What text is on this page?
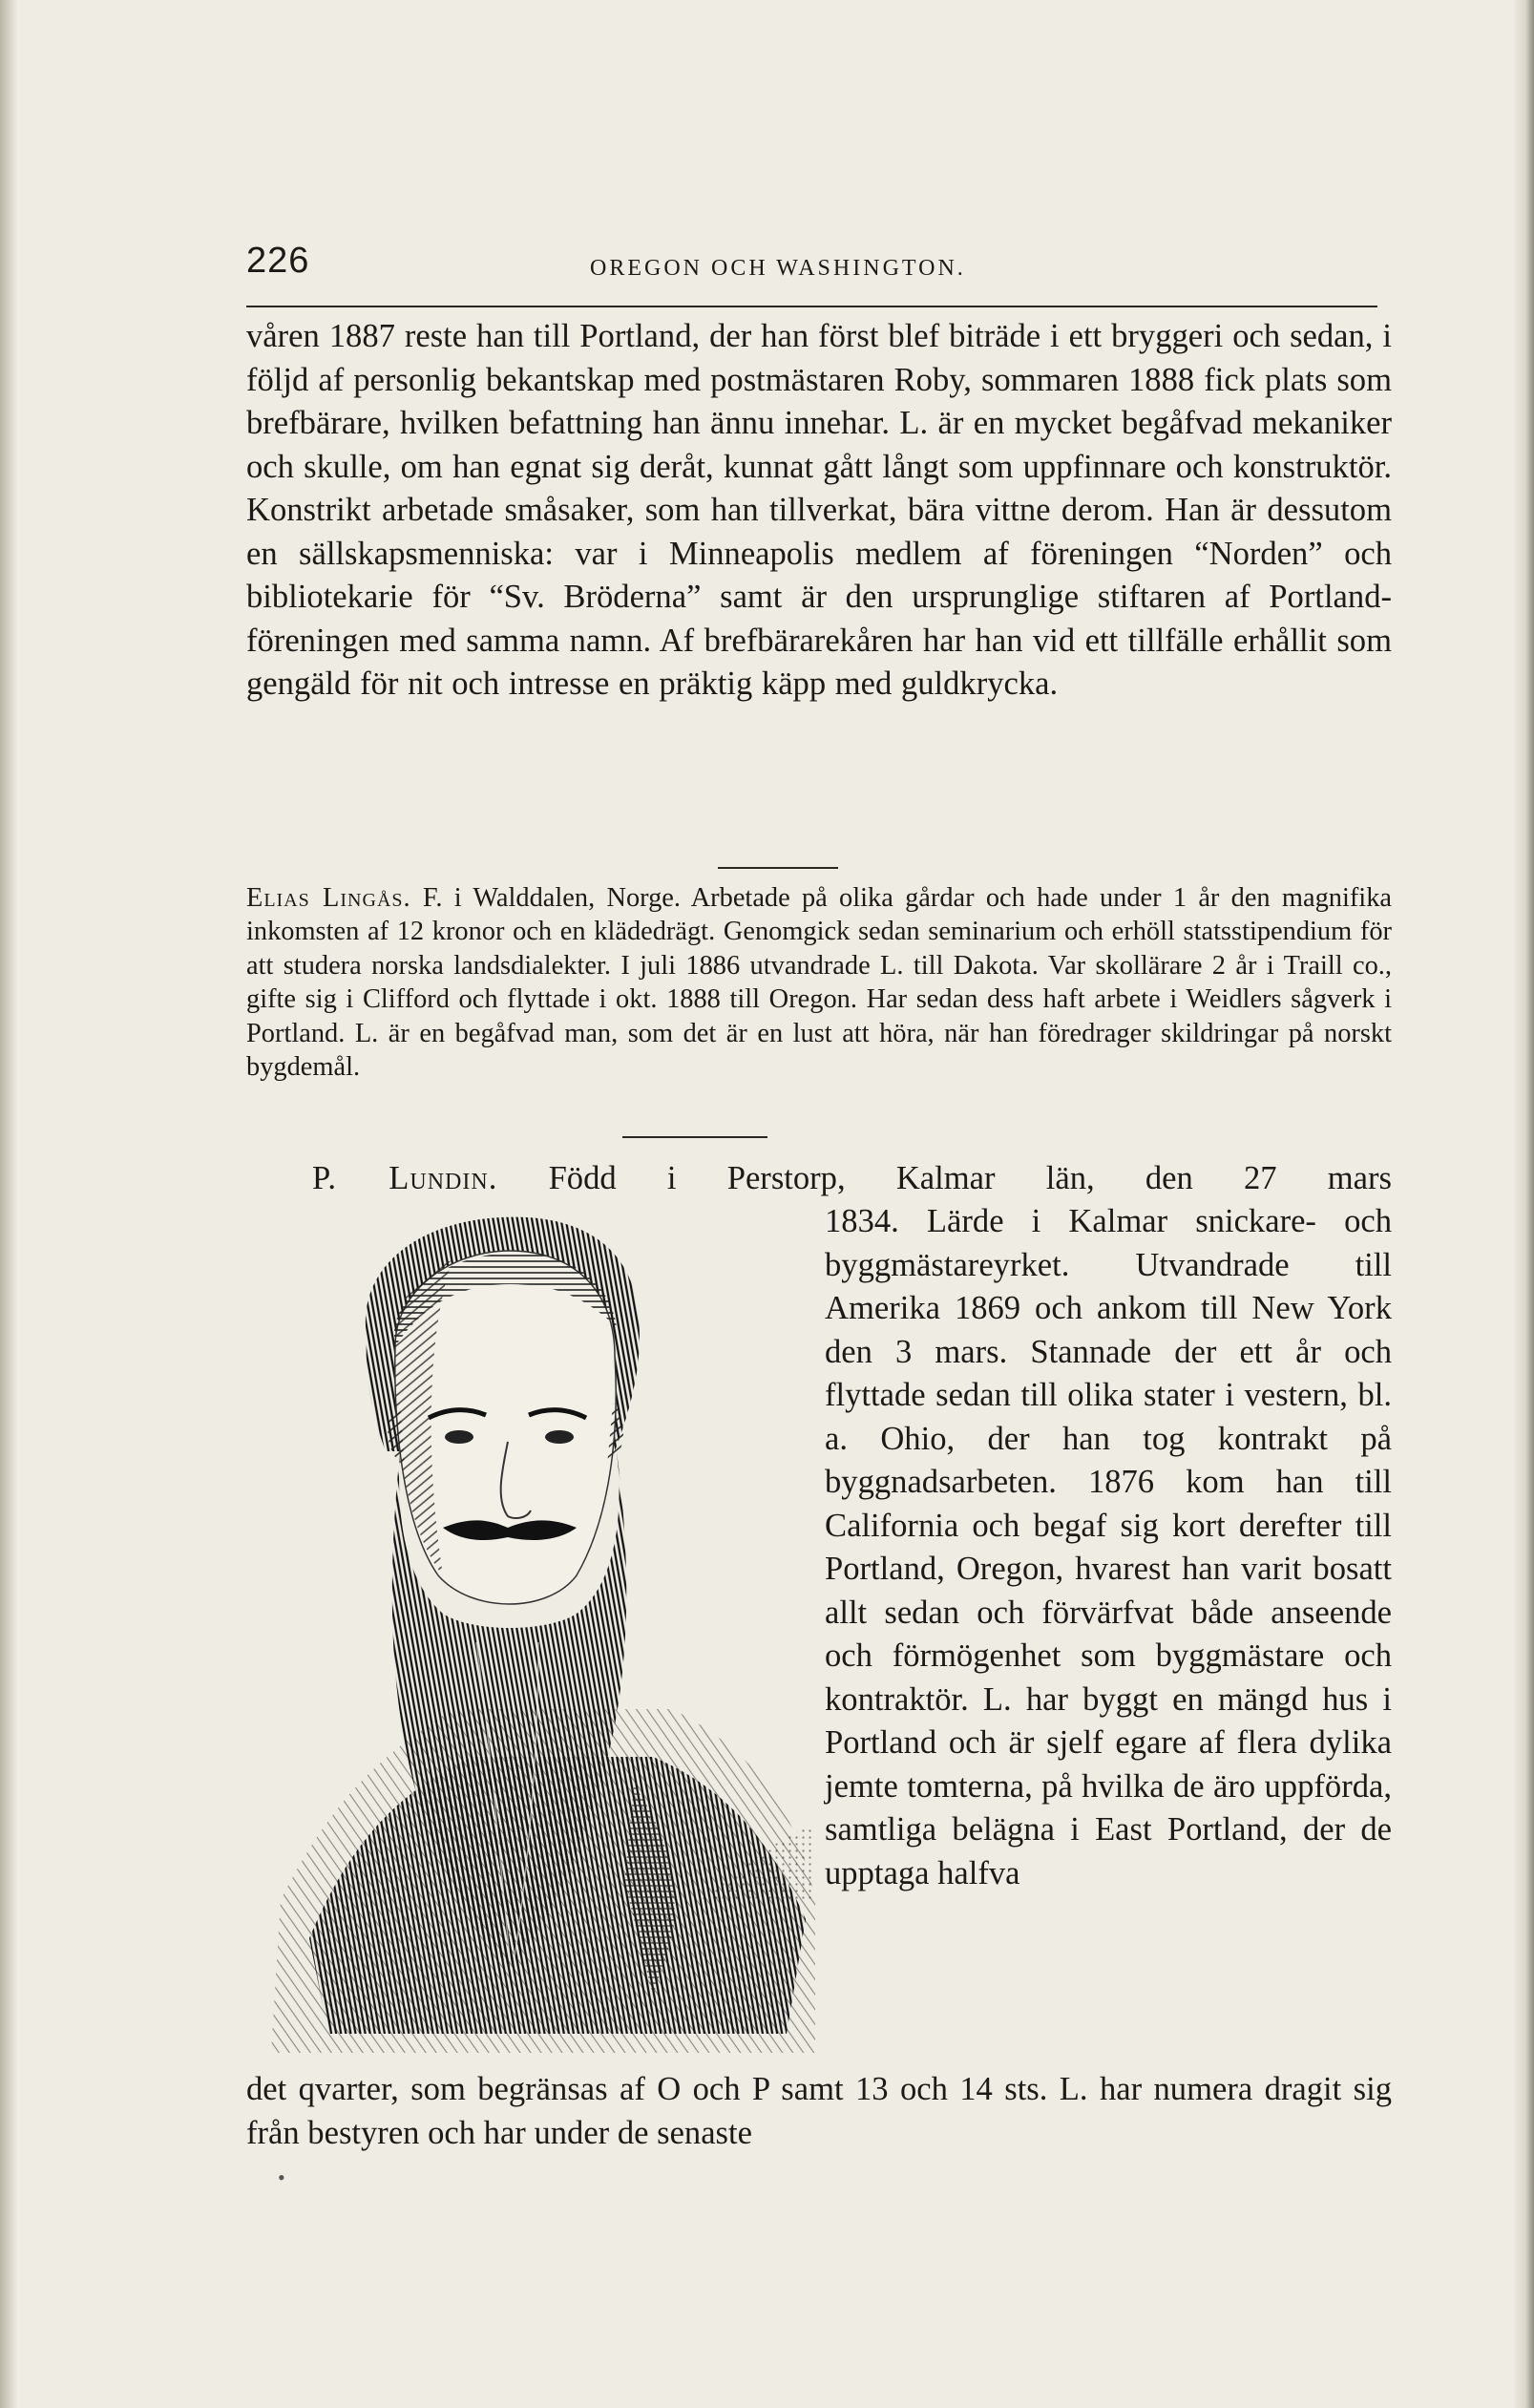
226	OREGON OCH WASHINGTON.
våren 1887 reste han till Portland, der han först blef biträde i ett bryggeri och sedan, i följd af personlig bekantskap med postmästaren Roby, sommaren 1888 fick plats som brefbärare, hvilken befattning han ännu innehar. L. är en mycket begåfvad mekaniker och skulle, om han egnat sig deråt, kunnat gått långt som uppfinnare och konstruktör. Konstrikt arbetade småsaker, som han tillverkat, bära vittne derom. Han är dessutom en sällskapsmenniska: var i Minneapolis medlem af föreningen “Norden” och bibliotekarie för “Sv. Bröderna” samt är den ursprunglige stiftaren af Portland-föreningen med samma namn. Af brefbärarekåren har han vid ett tillfälle erhållit som gengäld för nit och intresse en präktig käpp med guldkrycka.
Elias Lingås. F. i Walddalen, Norge. Arbetade på olika gårdar och hade under 1 år den magnifika inkomsten af 12 kronor och en klädedrägt. Genomgick sedan seminarium och erhöll statsstipendium för att studera norska landsdialekter. I juli 1886 utvandrade L. till Dakota. Var skollärare 2 år i Traill co., gifte sig i Clifford och flyttade i okt. 1888 till Oregon. Har sedan dess haft arbete i Weidlers sågverk i Portland. L. är en begåfvad man, som det är en lust att höra, när han föredrager skildringar på norskt bygdemål.
P. Lundin. Född i Perstorp, Kalmar län, den 27 mars
1834. Lärde i Kalmar snickare- och byggmästareyrket. Utvandrade till Amerika 1869 och ankom till New York den 3 mars. Stannade der ett år och flyttade sedan till olika stater i vestern, bl. a. Ohio, der han tog kontrakt på byggnadsarbeten. 1876 kom han till California och begaf sig kort derefter till Portland, Oregon, hvarest han varit bosatt allt sedan och förvärfvat både anseende och förmögenhet som byggmästare och kontraktör. L. har byggt en mängd hus i Portland och är sjelf egare af flera dylika jemte tomterna, på hvilka de äro uppförda, samtliga belägna i East Portland, der de upptaga halfva
det qvarter, som begränsas af O och P samt 13 och 14 sts. L. har numera dragit sig från bestyren och har under de senaste
•
